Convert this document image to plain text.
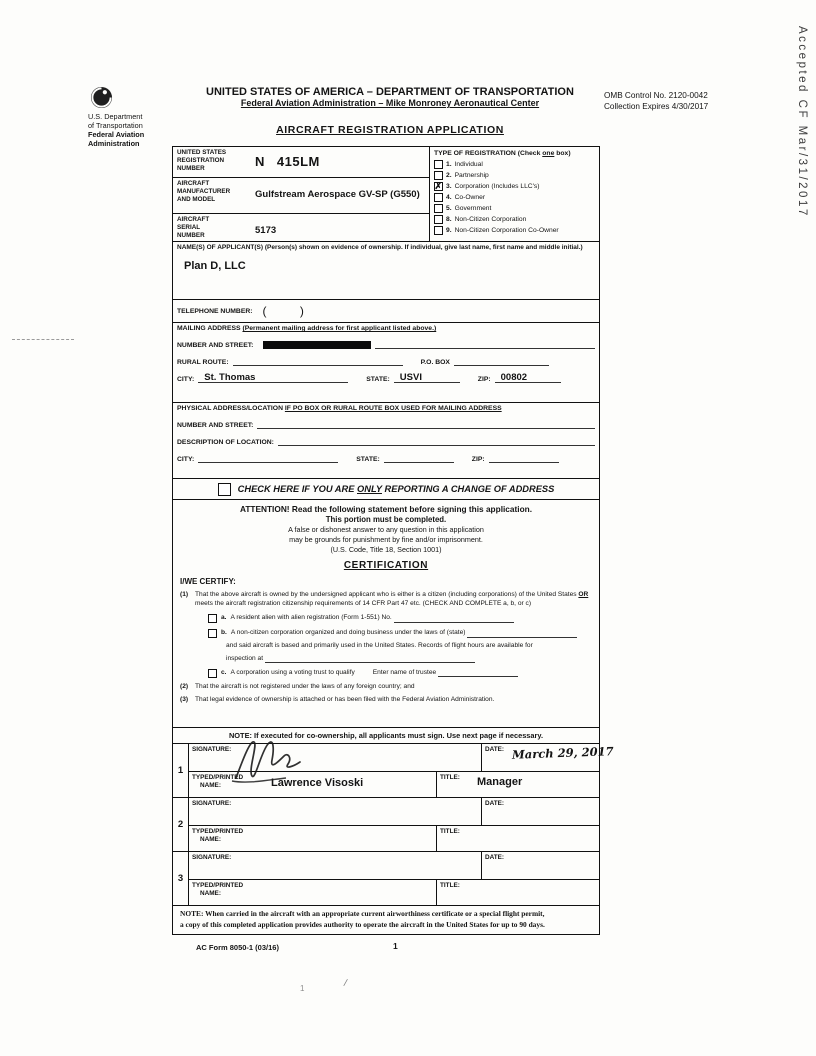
Accepted CF Mar/31/2017
U.S. Department
of Transportation
Federal Aviation
Administration
UNITED STATES OF AMERICA – DEPARTMENT OF TRANSPORTATION
Federal Aviation Administration – Mike Monroney Aeronautical Center
OMB Control No. 2120-0042
Collection Expires 4/30/2017
AIRCRAFT REGISTRATION APPLICATION
UNITED STATES
REGISTRATION
NUMBER	N 415LM
AIRCRAFT
MANUFACTURER
AND MODEL	Gulfstream Aerospace GV-SP (G550)
AIRCRAFT
SERIAL
NUMBER	5173
TYPE OF REGISTRATION (Check one box)
1. Individual
2. Partnership
✗
3. Corporation (Includes LLC's)
4. Co-Owner
5. Government
8. Non-Citizen Corporation
9. Non-Citizen Corporation Co-Owner
NAME(S) OF APPLICANT(S) (Person(s) shown on evidence of ownership. If individual, give last name, first name and middle initial.)
Plan D, LLC
TELEPHONE NUMBER: (          )
MAILING ADDRESS (Permanent mailing address for first applicant listed above.)
NUMBER AND STREET:
RURAL ROUTE:	P.O. BOX
CITY:	St. Thomas	STATE:	USVI	ZIP:	00802
PHYSICAL ADDRESS/LOCATION IF PO BOX OR RURAL ROUTE BOX USED FOR MAILING ADDRESS
NUMBER AND STREET:
DESCRIPTION OF LOCATION:
CITY:	STATE:	ZIP:
CHECK HERE IF YOU ARE ONLY REPORTING A CHANGE OF ADDRESS
ATTENTION! Read the following statement before signing this application.
This portion must be completed.
A false or dishonest answer to any question in this application
may be grounds for punishment by fine and/or imprisonment.
(U.S. Code, Title 18, Section 1001)
CERTIFICATION
I/WE CERTIFY:
(1)	That the above aircraft is owned by the undersigned applicant who is either is a citizen (including corporations) of the United States OR meets the aircraft registration citizenship requirements of 14 CFR Part 47 etc. (CHECK AND COMPLETE a, b, or c)
a. A resident alien with alien registration (Form 1-551) No.
b. A non-citizen corporation organized and doing business under the laws of (state)
and said aircraft is based and primarily used in the United States. Records of flight hours are available for
inspection at
c. A corporation using a voting trust to qualify	Enter name of trustee
(2)	That the aircraft is not registered under the laws of any foreign country; and
(3)	That legal evidence of ownership is attached or has been filed with the Federal Aviation Administration.
NOTE: If executed for co-ownership, all applicants must sign. Use next page if necessary.
1
SIGNATURE:	DATE: March 29, 2017
TYPED/PRINTED
NAME:	Lawrence Visoski	TITLE:	Manager
2
SIGNATURE:	DATE:
TYPED/PRINTED
NAME:
TITLE:
3
SIGNATURE:	DATE:
TYPED/PRINTED
NAME:
TITLE:
NOTE: When carried in the aircraft with an appropriate current airworthiness certificate or a special flight permit,
a copy of this completed application provides authority to operate the aircraft in the United States for up to 90 days.
AC Form 8050-1 (03/16)	1
/
1
